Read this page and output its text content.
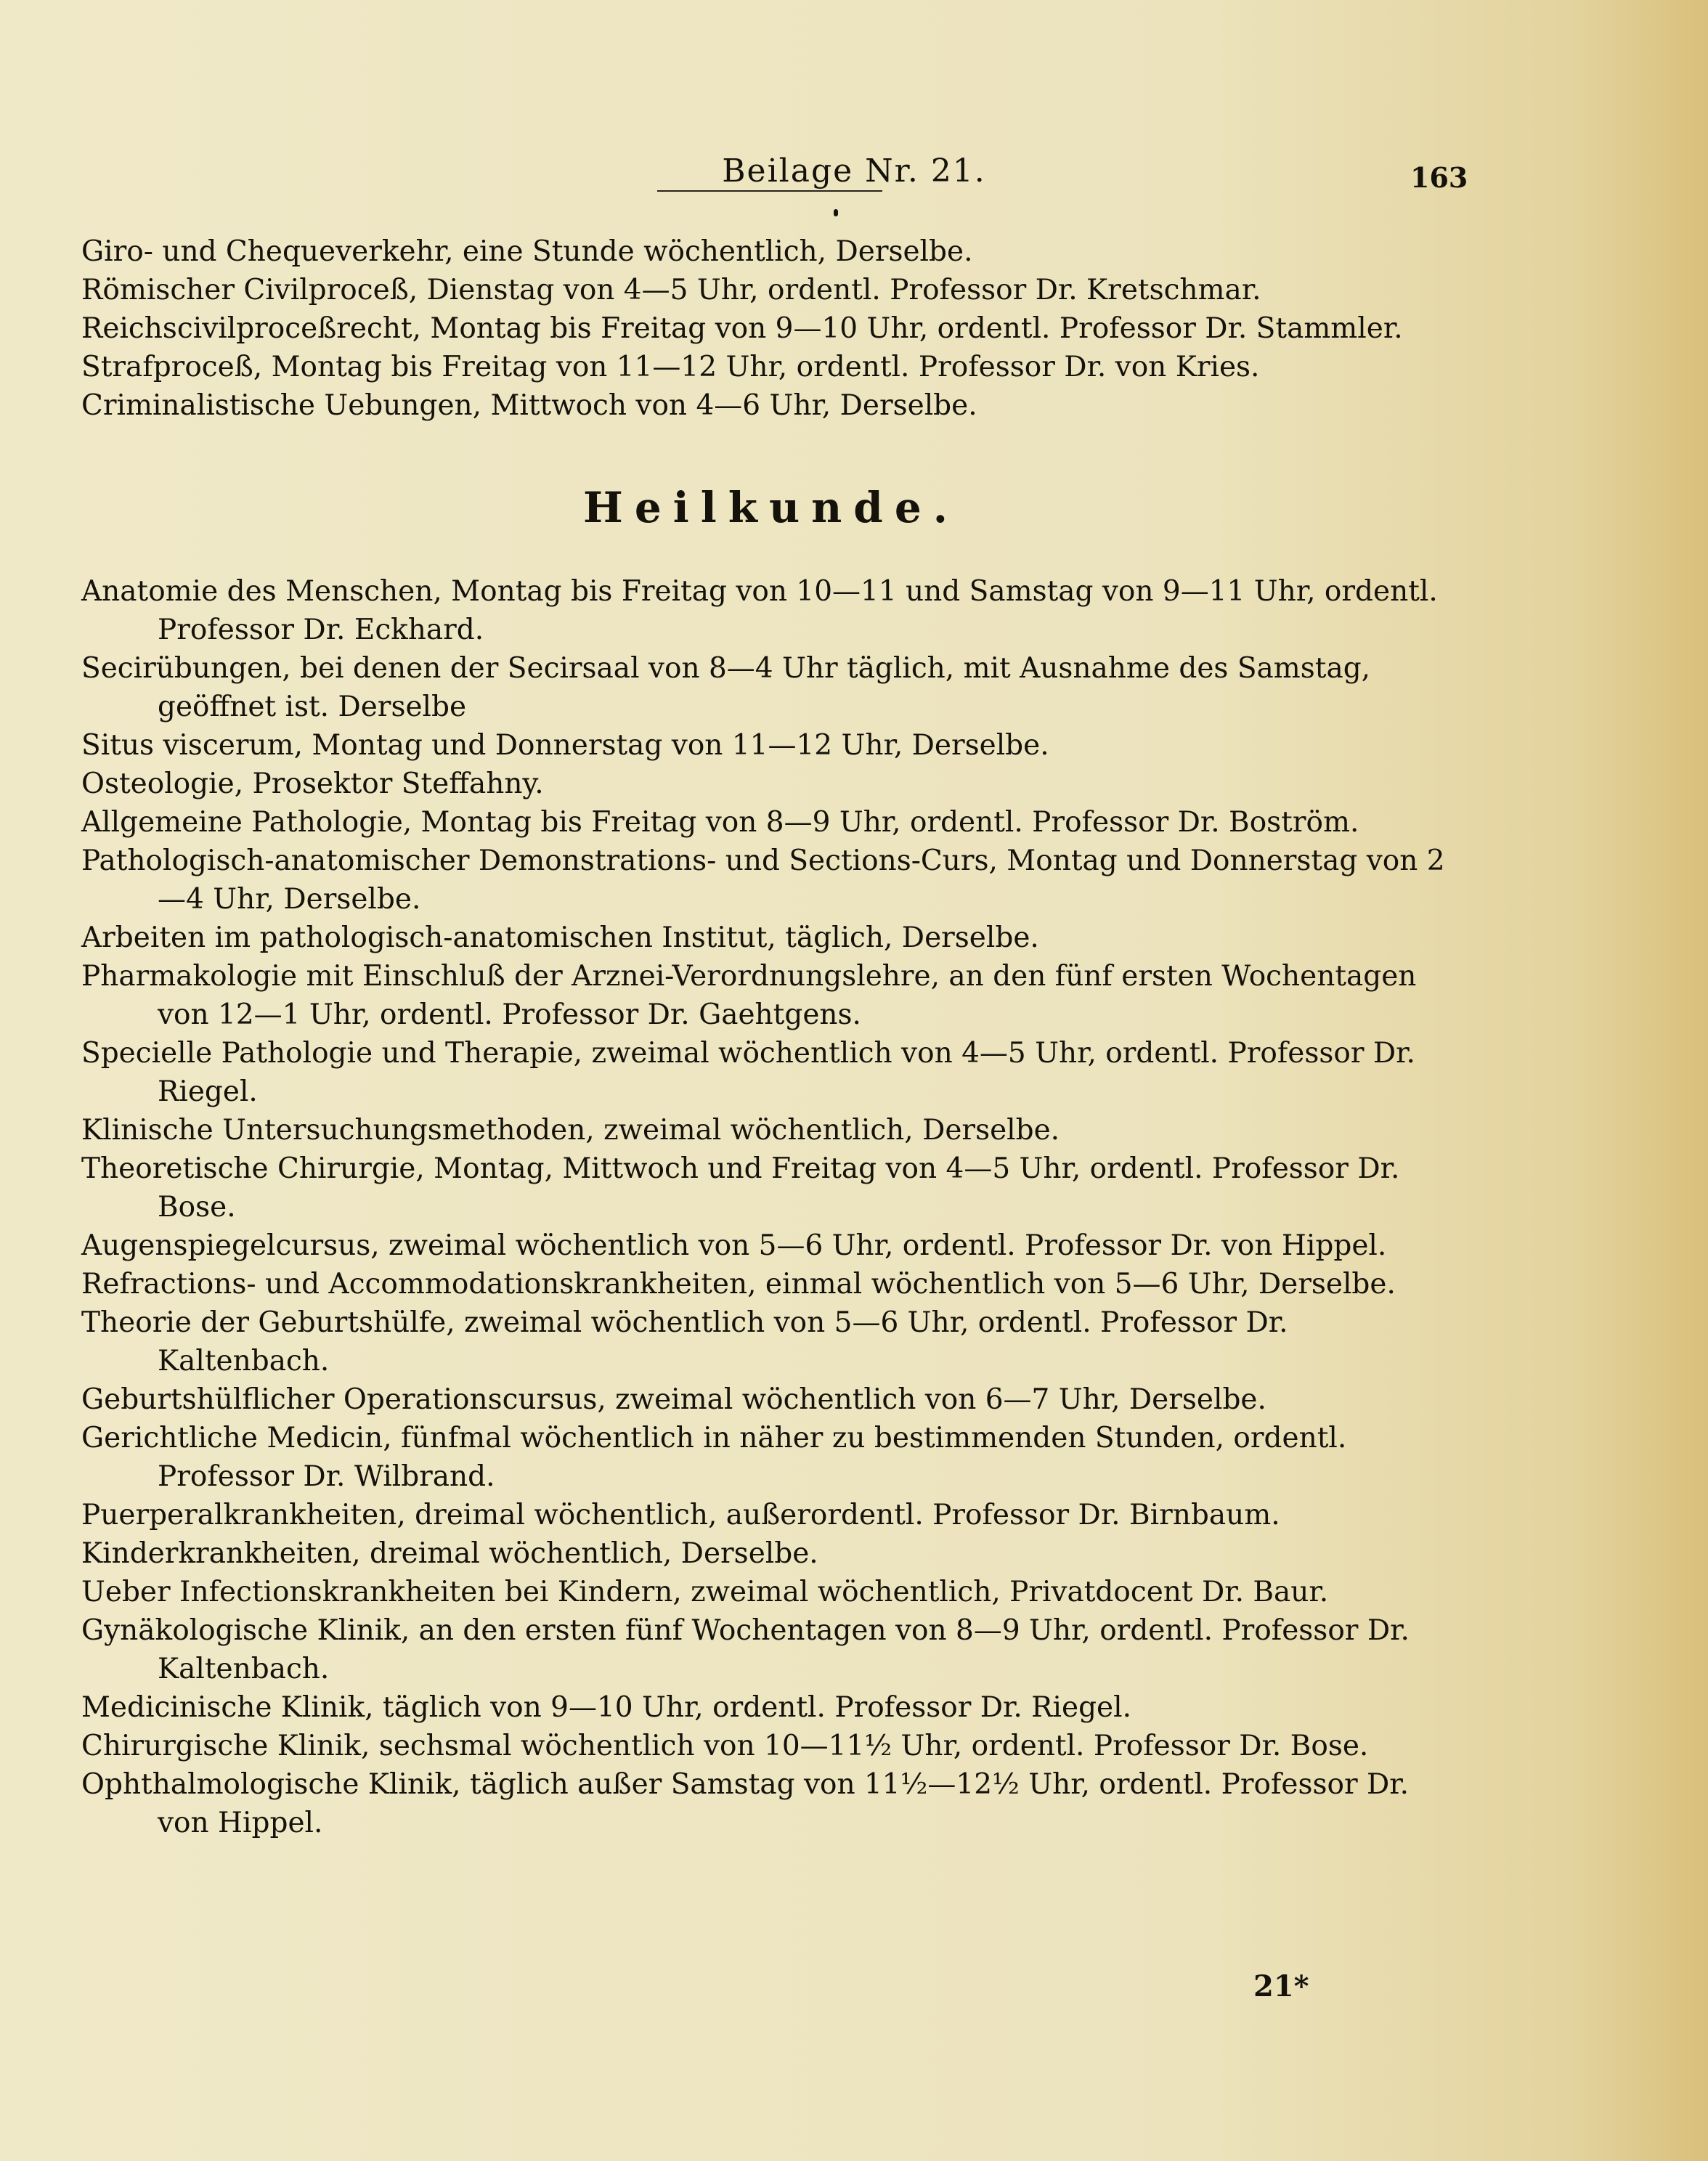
Beilage Nr. 21.	163

Giro- und Chequeverkehr, eine Stunde wöchentlich, Derselbe.

Römischer Civilproceß, Dienstag von 4—5 Uhr, ordentl. Professor Dr. Kretschmar.

Reichscivilproceßrecht, Montag bis Freitag von 9—10 Uhr, ordentl. Professor Dr. Stammler.

Strafproceß, Montag bis Freitag von 11—12 Uhr, ordentl. Professor Dr. von Kries.

Criminalistische Uebungen, Mittwoch von 4—6 Uhr, Derselbe.

Heilkunde.

Anatomie des Menschen, Montag bis Freitag von 10—11 und Samstag von 9—11 Uhr, ordentl. Professor Dr. Eckhard.

Secirübungen, bei denen der Secirsaal von 8—4 Uhr täglich, mit Ausnahme des Samstag, geöffnet ist. Derselbe

Situs viscerum, Montag und Donnerstag von 11—12 Uhr, Derselbe.

Osteologie, Prosektor Steffahny.

Allgemeine Pathologie, Montag bis Freitag von 8—9 Uhr, ordentl. Professor Dr. Boström.

Pathologisch-anatomischer Demonstrations- und Sections-Curs, Montag und Donnerstag von 2—4 Uhr, Derselbe.

Arbeiten im pathologisch-anatomischen Institut, täglich, Derselbe.

Pharmakologie mit Einschluß der Arznei-Verordnungslehre, an den fünf ersten Wochentagen von 12—1 Uhr, ordentl. Professor Dr. Gaehtgens.

Specielle Pathologie und Therapie, zweimal wöchentlich von 4—5 Uhr, ordentl. Professor Dr. Riegel.

Klinische Untersuchungsmethoden, zweimal wöchentlich, Derselbe.

Theoretische Chirurgie, Montag, Mittwoch und Freitag von 4—5 Uhr, ordentl. Professor Dr. Bose.

Augenspiegelcursus, zweimal wöchentlich von 5—6 Uhr, ordentl. Professor Dr. von Hippel.

Refractions- und Accommodationskrankheiten, einmal wöchentlich von 5—6 Uhr, Derselbe.

Theorie der Geburtshülfe, zweimal wöchentlich von 5—6 Uhr, ordentl. Professor Dr. Kaltenbach.

Geburtshülflicher Operationscursus, zweimal wöchentlich von 6—7 Uhr, Derselbe.

Gerichtliche Medicin, fünfmal wöchentlich in näher zu bestimmenden Stunden, ordentl. Professor Dr. Wilbrand.

Puerperalkrankheiten, dreimal wöchentlich, außerordentl. Professor Dr. Birnbaum.

Kinderkrankheiten, dreimal wöchentlich, Derselbe.

Ueber Infectionskrankheiten bei Kindern, zweimal wöchentlich, Privatdocent Dr. Baur.

Gynäkologische Klinik, an den ersten fünf Wochentagen von 8—9 Uhr, ordentl. Professor Dr. Kaltenbach.

Medicinische Klinik, täglich von 9—10 Uhr, ordentl. Professor Dr. Riegel.

Chirurgische Klinik, sechsmal wöchentlich von 10—11½ Uhr, ordentl. Professor Dr. Bose.

Ophthalmologische Klinik, täglich außer Samstag von 11½—12½ Uhr, ordentl. Professor Dr. von Hippel.

21*
